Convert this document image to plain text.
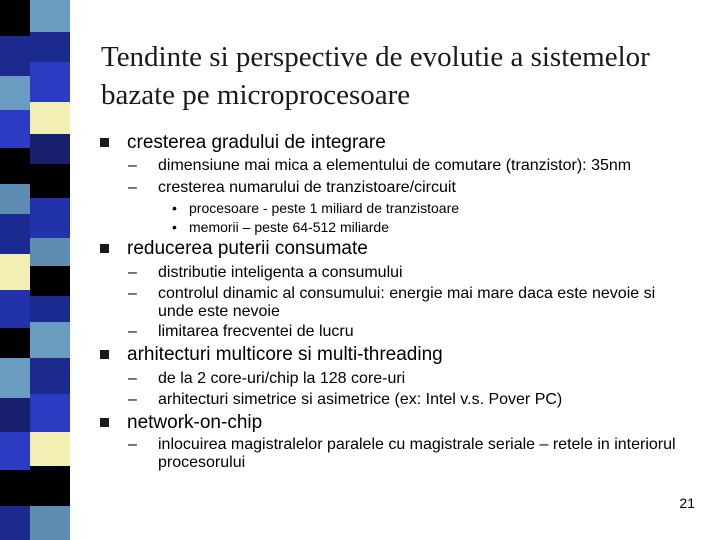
Tendinte si perspective de evolutie a sistemelor bazate pe microprocesoare
cresterea gradului de integrare
– dimensiune mai mica a elementului de comutare (tranzistor): 35nm
– cresterea numarului de tranzistoare/circuit
• procesoare - peste 1 miliard de tranzistoare
• memorii – peste 64-512 miliarde
reducerea puterii consumate
– distributie inteligenta a consumului
– controlul dinamic al consumului: energie mai mare daca este nevoie si unde este nevoie
– limitarea frecventei de lucru
arhitecturi multicore si multi-threading
– de la 2 core-uri/chip la 128 core-uri
– arhitecturi simetrice si asimetrice (ex: Intel v.s. Pover PC)
network-on-chip
– inlocuirea magistralelor paralele cu magistrale seriale – retele in interiorul procesorului
21
